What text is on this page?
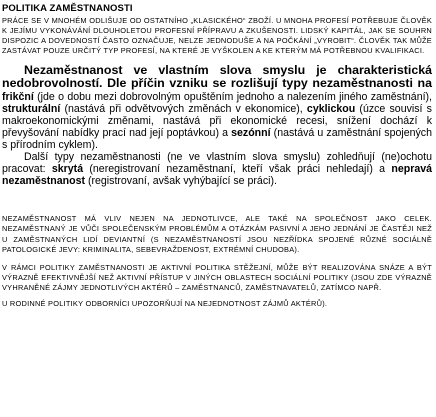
POLITIKA ZAMĚSTNANOSTI

PRÁCE SE V MNOHÉM ODLIŠUJE OD OSTATNÍHO „KLASICKÉHO“ ZBOŽÍ. U MNOHA PROFESÍ POTŘEBUJE ČLOVĚK K JEJÍMU VYKONÁVÁNÍ DLOUHOLETOU PROFESNÍ PŘÍPRAVU A ZKUŠENOSTI. LIDSKÝ KAPITÁL, JAK SE SOUHRN DISPOZIC A DOVEDNOSTÍ ČASTO OZNAČUJE, NELZE JEDNODUŠE A NA POČKÁNÍ „VYROBIT“. ČLOVĚK TAK MŮŽE ZASTÁVAT POUZE URČITÝ TYP PROFESÍ, NA KTERÉ JE VYŠKOLEN A KE KTERÝM MÁ POTŘEBNOU KVALIFIKACI.

Nezaměstnanost ve vlastním slova smyslu je charakteristická nedobrovolností. Dle příčin vzniku se rozlišují typy nezaměstnanosti na frikční (jde o dobu mezi dobrovolným opuštěním jednoho a nalezením jiného zaměstnání), strukturální (nastává při odvětvových změnách v ekonomice), cyklickou (úzce souvisí s makroekonomickými změnami, nastává při ekonomické recesi, snížení dochází k převyšování nabídky prací nad její poptávkou) a sezónní (nastává u zaměstnání spojených s přírodním cyklem).

Další typy nezaměstnanosti (ne ve vlastním slova smyslu) zohledňují (ne)ochotu pracovat: skrytá (neregistrovaní nezaměstnaní, kteří však práci nehledají) a nepravá nezaměstnanost (registrovaní, avšak vyhýbající se práci).

NEZAMĚSTNANOST MÁ VLIV NEJEN NA JEDNOTLIVCE, ALE TAKÉ NA SPOLEČNOST JAKO CELEK. NEZAMĚSTNANÝ JE VŮČI SPOLEČENSKÝM PROBLÉMŮM A OTÁZKÁM PASIVNÍ A JEHO JEDNÁNÍ JE ČASTĚJI NEŽ U ZAMĚSTNANÝCH LIDÍ DEVIANTNÍ (S NEZAMĚSTNANOSTÍ JSOU NEZŘÍDKA SPOJENÉ RŮZNÉ SOCIÁLNĚ PATOLOGICKÉ JEVY: KRIMINALITA, SEBEVRAŽDENOST, EXTRÉMNÍ CHUDOBA).

V RÁMCI POLITIKY ZAMĚSTNANOSTI JE AKTIVNÍ POLITIKA STĚŽEJNÍ, MŮŽE BÝT REALIZOVÁNA SNÁZE A BÝT VÝRAZNĚ EFEKTIVNĚJŠÍ NEŽ AKTIVNÍ PŘÍSTUP V JINÝCH OBLASTECH SOCIÁLNÍ POLITIKY (JSOU ZDE VÝRAZNĚ VYHRANĚNÉ ZÁJMY JEDNOTLIVÝCH AKTÉRŮ – ZAMĚSTNANCŮ, ZAMĚSTNAVATELŮ, ZATÍMCO NAPŘ.

U RODINNÉ POLITIKY ODBORNÍCI UPOZORŇUJÍ NA NEJEDNOTNOST ZÁJMŮ AKTÉRŮ).
